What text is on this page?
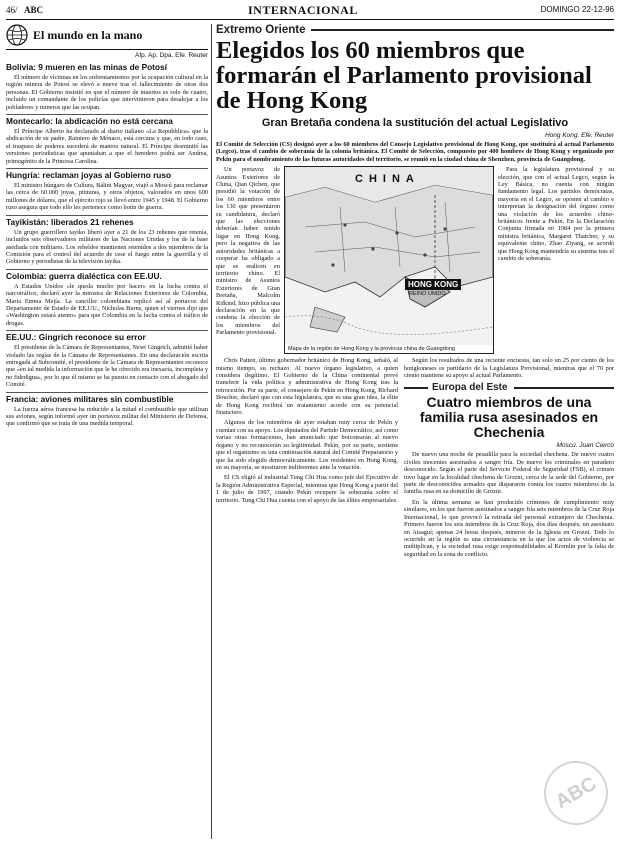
46/ ABC	INTERNACIONAL	DOMINGO 22-12-96
El mundo en la mano
Afp. Ap. Dpa. Efe. Reuter
Bolivia: 9 mueren en las minas de Potosí

El número de víctimas en los enfrentamientos por la ocupación cultural en la región minera de Potosí se elevó a nueve tras el fallecimiento de otras dos personas. El Gobierno insistió en que el número de muertos es solo de cuatro, incluido un comandante de los policías que intervinieron para desalojar a los pobladores y mineros que las ocupan.

Montecarlo: la abdicación no está cercana

El Príncipe Alberto ha declarado al diario italiano «La Repubblica» que la abdicación de su padre, Rainiero de Mónaco, está cercana y que, en todo caso, el traspaso de poderes sucederá de manera natural. El Príncipe desmintió las versiones periodísticas que apuntaban a que el heredero podrá ser Andrea, primogénito de la Princesa Carolina.

Hungría: reclaman joyas al Gobierno ruso

El ministro húngaro de Cultura, Bálint Magyar, viajó a Moscú para reclamar las cerca de 60.000 joyas, pinturas, y otros objetos, valorados en unos 600 millones de dólares, que el ejército rojo se llevó entre 1945 y 1948. El Gobierno ruso asegura que todo ello les pertenece como botín de guerra.

Tayikistán: liberados 21 rehenes

Un grupo guerrillero tayiko liberó ayer a 21 de los 23 rehenes que retenía, incluidos seis observadores militares de las Naciones Unidas y los de la base asediada con militares. Los rebeldes mantienen retenidos a dos miembros de la Comisión para el control del acuerdo de cese el fuego entre la guerrilla y el Gobierno y periodistas de la televisión tayika.

Colombia: guerra dialéctica con EE.UU.

A Estados Unidos «le queda mucho por hacer» en la lucha contra el narcotráfico, declaró ayer la ministra de Relaciones Exteriores de Colombia, María Emma Mejía. La canciller colombiana replicó así al portavoz del Departamento de Estado de EE.UU., Nicholas Burns, quien el viernes dijo que «Washington estará atento» para que Colombia en la lucha contra el tráfico de drogas.

EE.UU.: Gingrich reconoce su error

El presidente de la Cámara de Representantes, Newt Gingrich, admitió haber violado las reglas de la Cámara de Representantes. En una declaración escrita entregada al Subcomité, el presidente de la Cámara de Representantes reconoce que «en tal medida la información que le he ofrecido era inexacta, incompleta y no fidedigna», por lo que él mismo se ha puesto en contacto con el abogado del Comité.

Francia: aviones militares sin combustible

La fuerza aérea francesa ha reducido a la mitad el combustible que utilizan sus aviones, según informó ayer un portavoz militar del Ministerio de Defensa, que confirmó que se trata de una medida temporal.

Extremo Oriente
Elegidos los 60 miembros que formarán el Parlamento provisional de Hong Kong
Gran Bretaña condena la sustitución del actual Legislativo
Hong Kong. Efe. Reuter

El Comité de Selección (CS) designó ayer a los 60 miembros del Consejo Legislativo provisional de Hong Kong, que sustituirá al actual Parlamento (Legco), tras el cambio de soberanía de la colonia británica. El Comité de Selección, compuesto por 400 hombres de Hong Kong y organizado por Pekín para el nombramiento de las futuras autoridades del territorio, se reunió en la ciudad china de Shenzhen, provincia de Guangdong.

Un portavoz de Asuntos Exteriores de China, Qian Qichen, que presidió la votación de los 60 miembros entre los 130 que presentaron su candidatura, declaró que las elecciones deberían haber tenido lugar en Hong Kong, pero la negativa de las autoridades británicas a cooperar ha obligado a que se realicen en territorio chino. El ministro de Asuntos Exteriores de Gran Bretaña, Malcolm Rifkind, hizo pública una declaración en la que condena la elección de los miembros del Parlamento provisional.

CHINA
HONG KONG
REINO UNIDO
Mapa de la región de Hong Kong y la provincia china de Guangdong

Para la legislatura provisional y su elección, que con el actual Legco, según la Ley Básica, no cuenta con ningún fundamento legal. Los partidos demócratas, mayoría en el Legco, se oponen al cambio e interpretan la designación del órgano como una violación de los acuerdos chino-británicos frente a Pekín. En la Declaración Conjunta firmada en 1984 por la primera ministra británica, Margaret Thatcher, y su equivalente chino, Zhao Ziyang, se acordó que Hong Kong mantendría su sistema tras el cambio de soberanía.

Chris Patten, último gobernador británico de Hong Kong, señaló, al mismo tiempo, su rechazo. Al nuevo órgano legislativo, a quien considera ilegítimo. El Gobierno de la China continental prevé transferir la vida política y administrativa de Hong Kong tras la retrocesión. Por su parte, el consejero de Pekín en Hong Kong, Richard Boucher, declaró que con esta legislatura, que es una gran idea, la élite de Hong Kong recibirá un tratamiento acorde con su potencial financiero.

Algunos de los miembros de ayer estaban muy cerca de Pekín y cuentan con su apoyo. Los diputados del Partido Democrático, así como varias otras formaciones, han anunciado que boicotearán al nuevo órgano y no reconocerán su legitimidad. Pekín, por su parte, sostiene que el organismo es una continuación natural del Comité Preparatorio y que ha sido elegido democráticamente. Los residentes en Hong Kong, en su mayoría, se mostraron indiferentes ante la votación.

El CS eligió al industrial Tung Chi Hua como jefe del Ejecutivo de la Región Administrativa Especial, mientras que Hong Kong a partir del 1 de julio de 1997, cuando Pekín recupere la soberanía sobre el territorio. Tung Chi Hua cuenta con el apoyo de las élites empresariales.

Según los resultados de una reciente encuesta, tan solo un 25 por ciento de los hongkoneses es partidario de la Legislatura Provisional, mientras que el 70 por ciento mantiene su apoyo al actual Parlamento.

Europa del Este
Cuatro miembros de una familia rusa asesinados en Chechenia
Moscú. Juan Cierco

De nuevo una noche de pesadilla para la sociedad chechena. De nuevo cuatro civiles inocentes asesinados a sangre fría. De nuevo los criminales en paradero desconocido. Según el parte del Servicio Federal de Seguridad (FSB), el crimen tuvo lugar en la localidad chechena de Grozni, cerca de la sede del Gobierno, por parte de desconocidos armados que dispararon contra los cuatro miembros de la familia rusa en su domicilio de Grozni.

En la última semana se han producido crímenes de cumplimiento muy similares, en los que fueron asesinados a sangre fría seis miembros de la Cruz Roja Internacional, lo que provocó la retirada del personal extranjero de Chechenia. Primero fueron los seis miembros de la Cruz Roja, dos días después, un asesinato en Atsaguí; apenas 24 horas después, mineros de la Iglesia en Grozni. Todo lo ocurrido en la región es una circunstancia en la que los actos de violencia se multiplican, y la sociedad rusa exige responsabilidades al Kremlin por la falta de seguridad en la zona de conflicto.

ABC
